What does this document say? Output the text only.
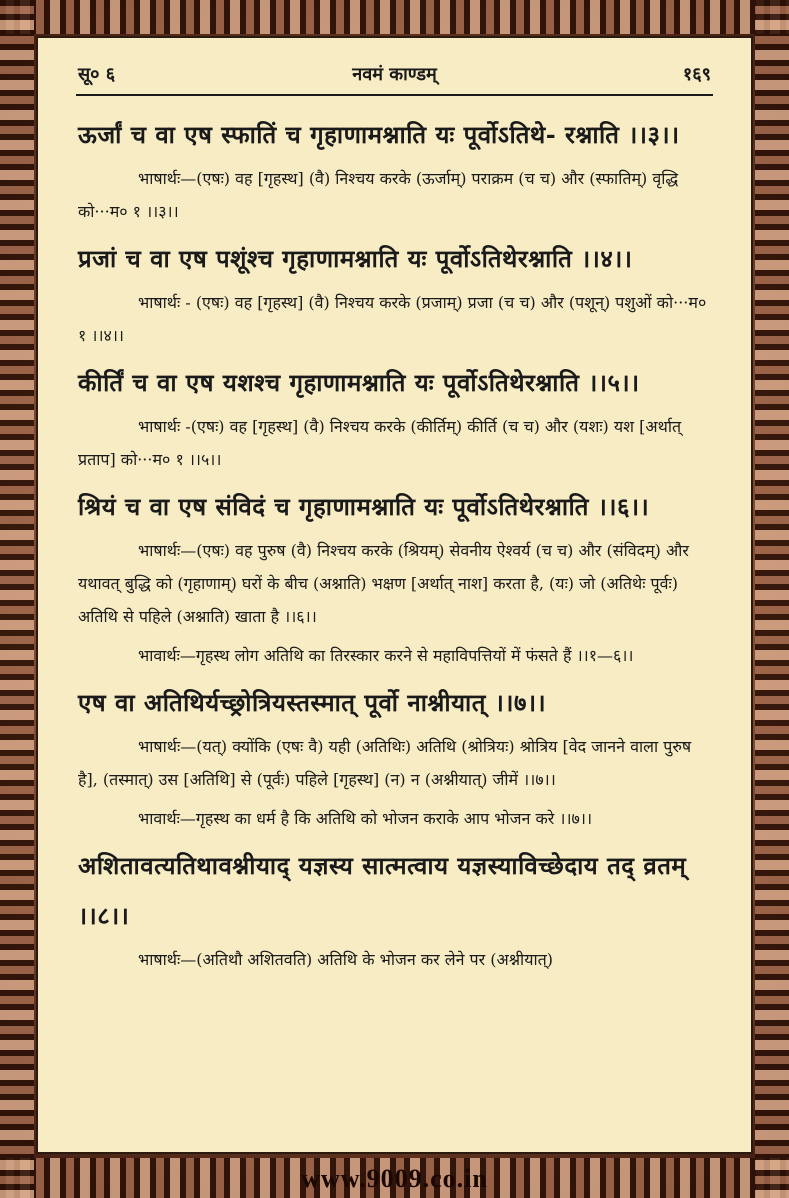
सू० ६	नवमं काण्डम्	१६९

ऊर्जां च वा एष स्फातिं च गृहाणामश्नाति यः पूर्वोऽतिथे- रश्नाति ।।३।।

भाषार्थः—(एषः) वह [गृहस्थ] (वै) निश्चय करके (ऊर्जाम्) पराक्रम (च च) और (स्फातिम्) वृद्धि को···म० १ ।।३।।

प्रजां च वा एष पशूंश्च गृहाणामश्नाति यः पूर्वोऽतिथेरश्नाति ।।४।।

भाषार्थः - (एषः) वह [गृहस्थ] (वै) निश्चय करके (प्रजाम्) प्रजा (च च) और (पशून्) पशुओं को···म० १ ।।४।।

कीर्तिं च वा एष यशश्च गृहाणामश्नाति यः पूर्वोऽतिथेरश्नाति ।।५।।

भाषार्थः -(एषः) वह [गृहस्थ] (वै) निश्चय करके (कीर्तिम्) कीर्ति (च च) और (यशः) यश [अर्थात् प्रताप] को···म० १ ।।५।।

श्रियं च वा एष संविदं च गृहाणामश्नाति यः पूर्वोऽतिथेरश्नाति ।।६।।

भाषार्थः—(एषः) वह पुरुष (वै) निश्चय करके (श्रियम्) सेवनीय ऐश्वर्य (च च) और (संविदम्) और यथावत् बुद्धि को (गृहाणाम्) घरों के बीच (अश्नाति) भक्षण [अर्थात् नाश] करता है, (यः) जो (अतिथेः पूर्वः) अतिथि से पहिले (अश्नाति) खाता है ।।६।।

भावार्थः—गृहस्थ लोग अतिथि का तिरस्कार करने से महाविपत्तियों में फंसते हैं ।।१—६।।

एष वा अतिथिर्यच्छ्रोत्रियस्तस्मात् पूर्वो नाश्नीयात् ।।७।।

भाषार्थः—(यत्) क्योंकि (एषः वै) यही (अतिथिः) अतिथि (श्रोत्रियः) श्रोत्रिय [वेद जानने वाला पुरुष है], (तस्मात्) उस [अतिथि] से (पूर्वः) पहिले [गृहस्थ] (न) न (अश्नीयात्) जीमें ।।७।।

भावार्थः—गृहस्थ का धर्म है कि अतिथि को भोजन कराके आप भोजन करे ।।७।।

अशितावत्यतिथावश्नीयाद् यज्ञस्य सात्मत्वाय यज्ञस्याविच्छेदाय तद् व्रतम् ।।८।।

भाषार्थः—(अतिथौ अशितवति) अतिथि के भोजन कर लेने पर (अश्नीयात्)

www.9009.co.in
